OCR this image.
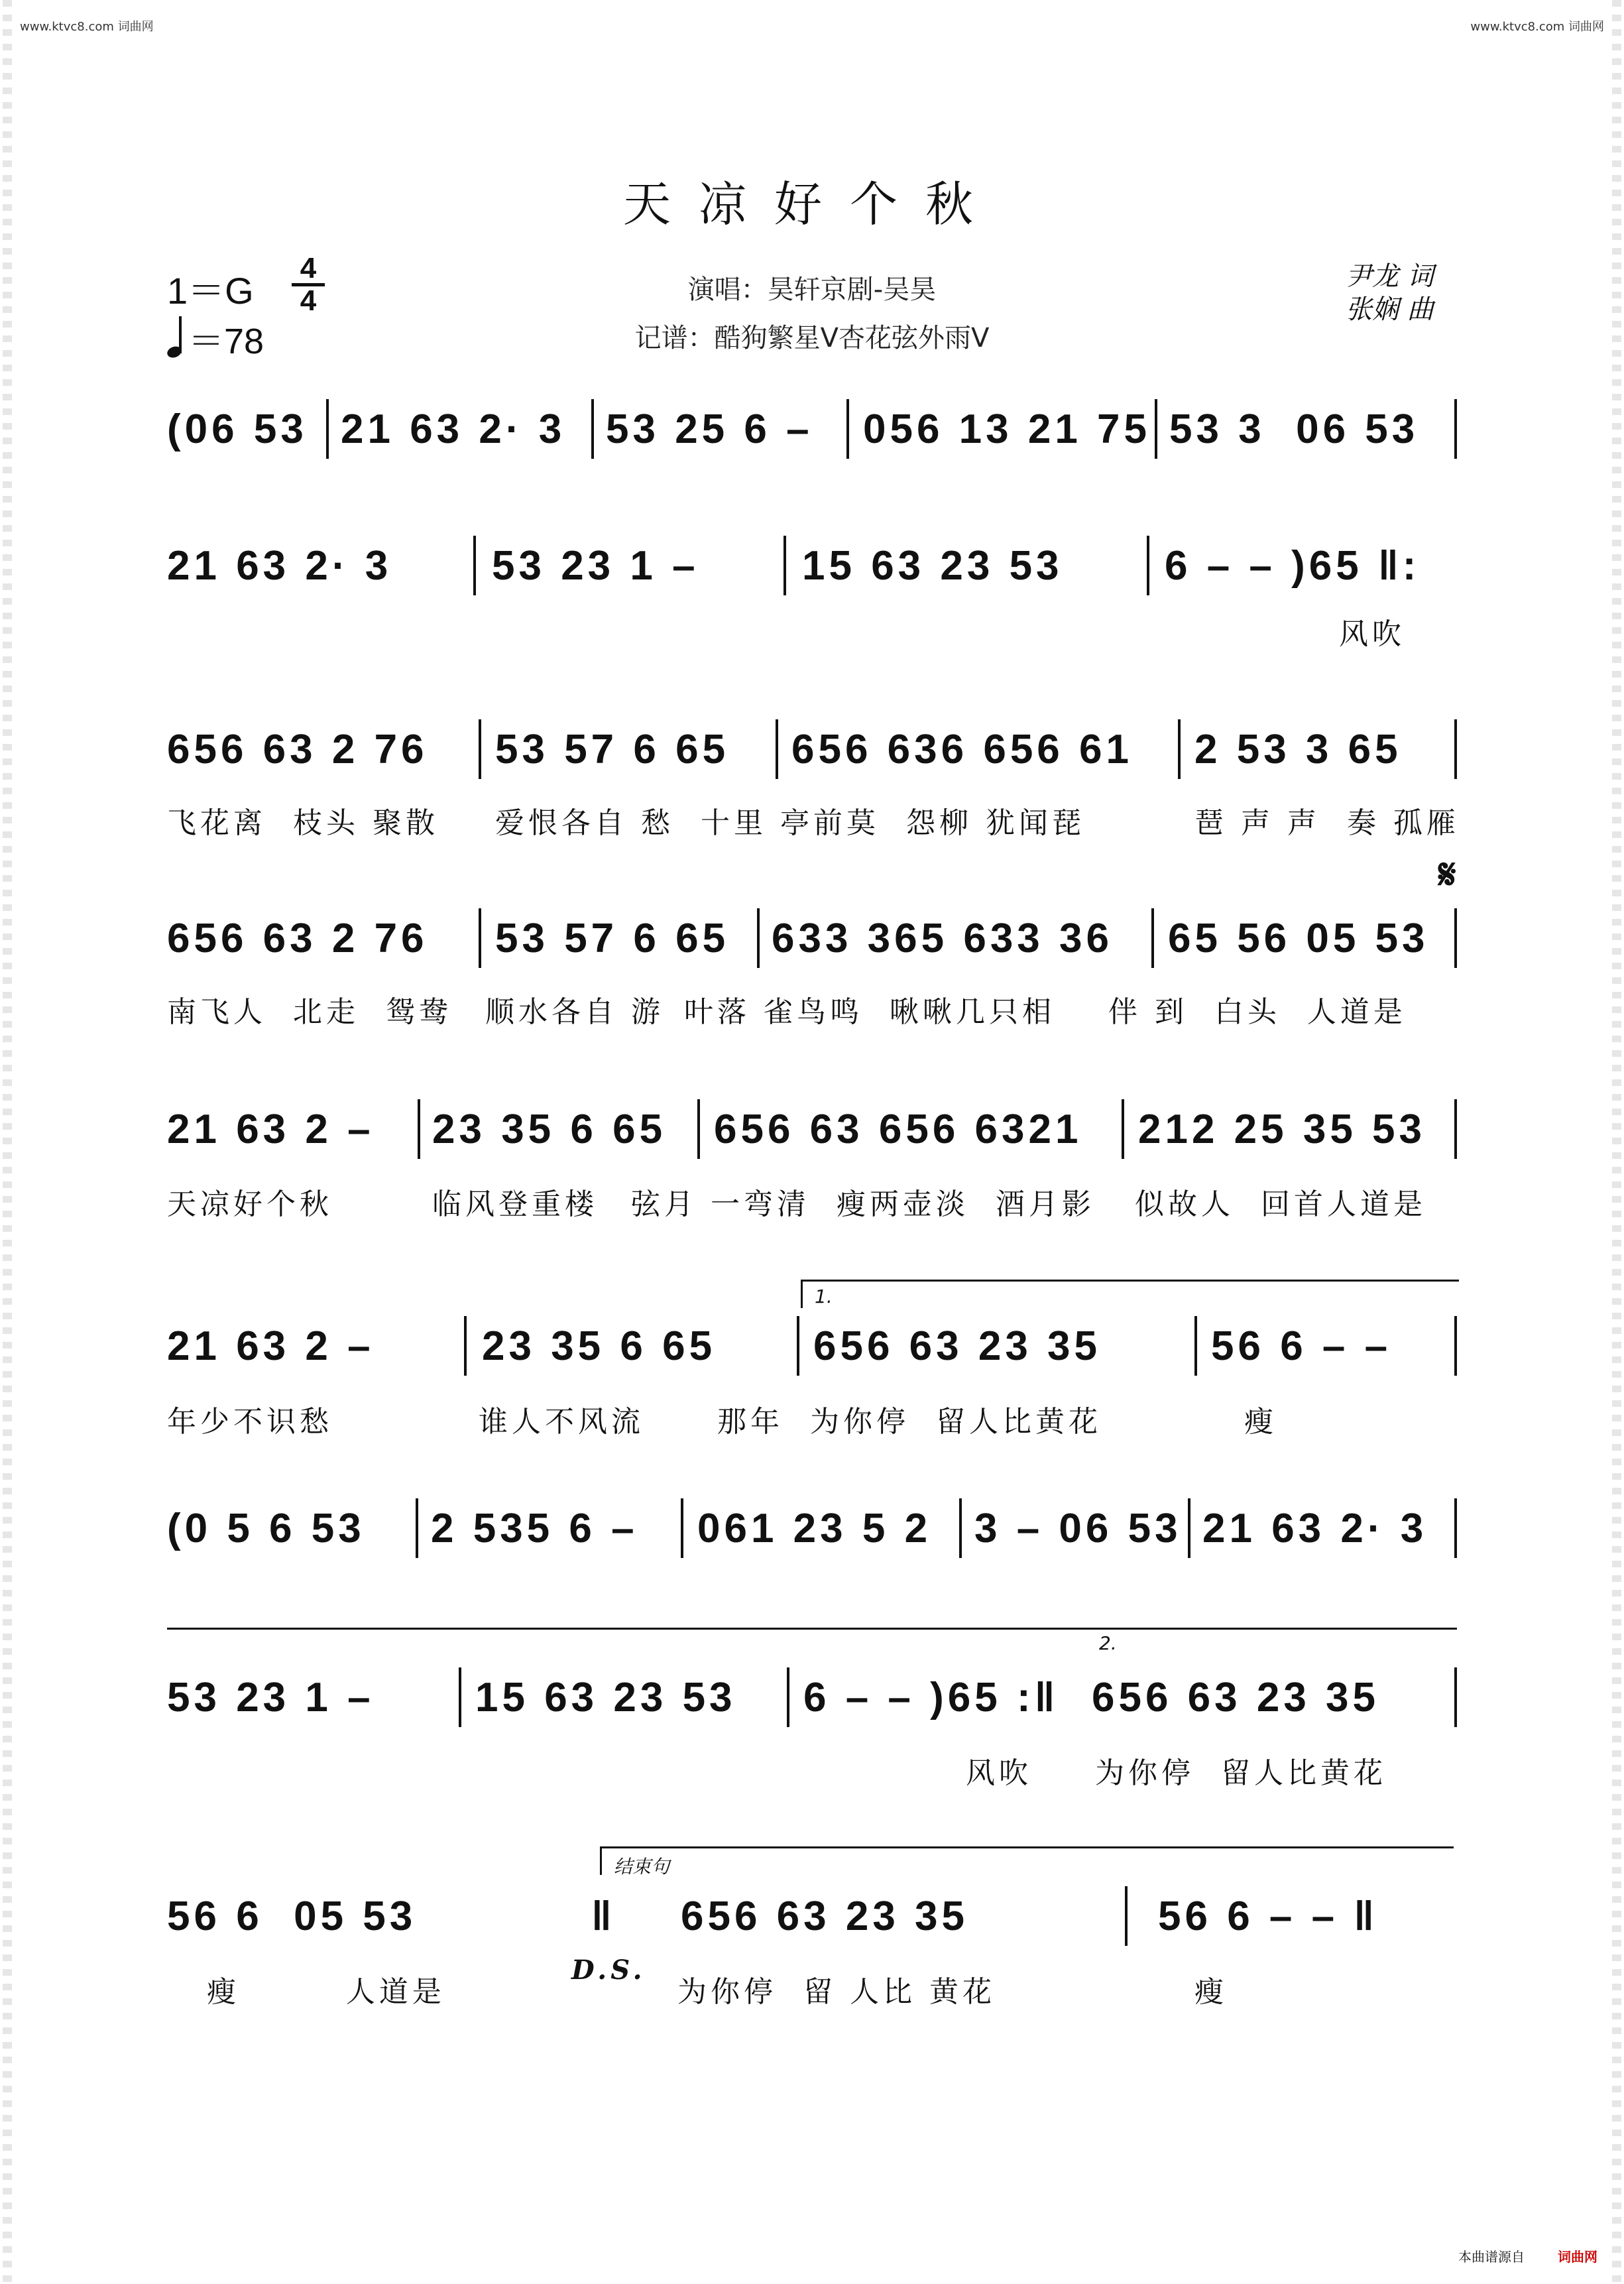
www.ktvc8.com 词曲网	www.ktvc8.com 词曲网
天凉好个秋
1＝G
4
4
＝78
演唱：昊轩京剧-吴昊
记谱：酷狗繁星V杏花弦外雨V
尹龙 词
张娴 曲
(06 53 21 63 2· 3 53 25 6 –	056 13 21 75 53 3  06 53
21 63 2· 3	53 23 1 –	15 63 23 53	6 – – )65 ‖:

风吹

656 63 2 76	53 57 6 65	656 636 656 61	2 53 3 65

飞花离  枝头 聚散

爱恨各自 愁

十里 亭前莫  怨柳 犹闻琵

	琶 声 声  奏 孤雁

𝄋
656 63 2 76	53 57 6 65	633 365 633 36	65 56 05 53

南飞人  北走  鸳鸯

顺水各自 游

叶落 雀鸟鸣  啾啾几只相

伴 到  白头  人道是

21 63 2 –	23 35 6 65	656 63 656 6321	212 25 35 53

天凉好个秋

	临风登重楼

弦月 一弯清  瘦两壶淡  酒月影

似故人  回首人道是

1.
21 63 2 –	23 35 6 65	656 63 23 35	56 6 – –

年少不识愁

	谁人不风流

	那年  为你停  留人比黄花

	瘦

(0 5 6 53	2 535 6 –	061 23 5 2	3 – 06 53 21 63 2· 3
2.
53 23 1 –	15 63 23 53	6 – – )65 :‖ 656 63 23 35

风吹

为你停  留人比黄花

结束句
56 6  05 53	‖	656 63 23 35	56 6 – – ‖

瘦        人道是

D.S.

为你停  留 人比 黄花

	瘦

本曲谱源自	词曲网
